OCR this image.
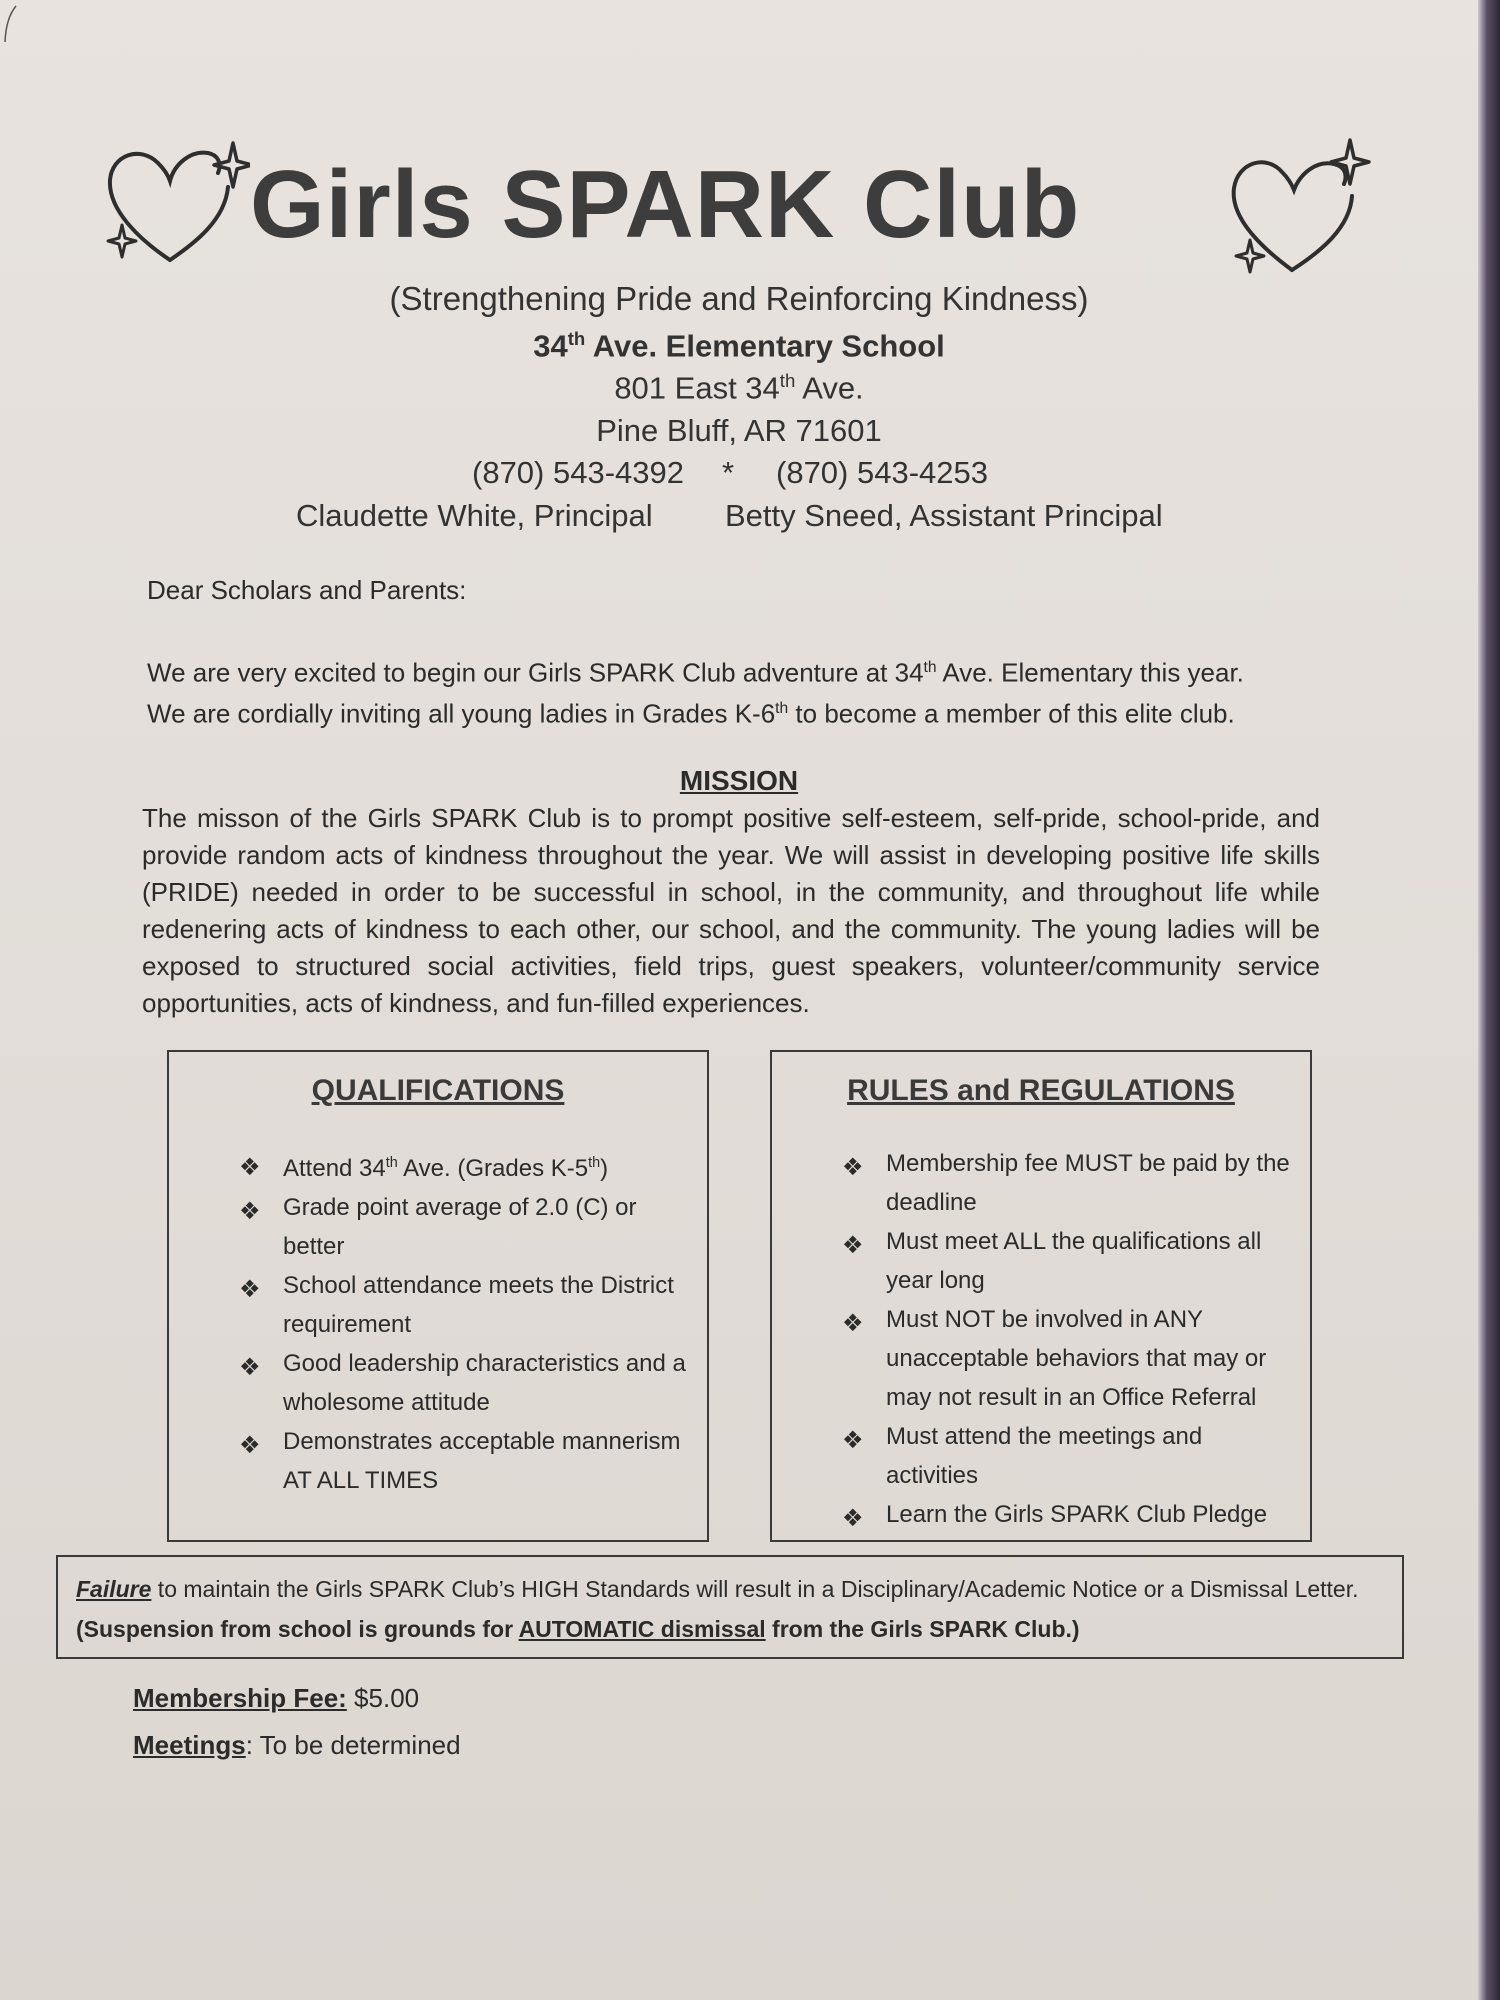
Girls SPARK Club
(Strengthening Pride and Reinforcing Kindness)
34th Ave. Elementary School
801 East 34th Ave.
Pine Bluff, AR 71601
(870) 543-4392 * (870) 543-4253
Claudette White, Principal Betty Sneed, Assistant Principal
Dear Scholars and Parents:
We are very excited to begin our Girls SPARK Club adventure at 34th Ave. Elementary this year.
We are cordially inviting all young ladies in Grades K-6th to become a member of this elite club.
MISSION
The misson of the Girls SPARK Club is to prompt positive self-esteem, self-pride, school-pride, and provide random acts of kindness throughout the year. We will assist in developing positive life skills (PRIDE) needed in order to be successful in school, in the community, and throughout life while redenering acts of kindness to each other, our school, and the community. The young ladies will be exposed to structured social activities, field trips, guest speakers, volunteer/community service opportunities, acts of kindness, and fun-filled experiences.
QUALIFICATIONS
❖ Attend 34th Ave. (Grades K-5th)
❖ Grade point average of 2.0 (C) or better
❖ School attendance meets the District requirement
❖ Good leadership characteristics and a wholesome attitude
❖ Demonstrates acceptable mannerism AT ALL TIMES
RULES and REGULATIONS
❖ Membership fee MUST be paid by the deadline
❖ Must meet ALL the qualifications all year long
❖ Must NOT be involved in ANY unacceptable behaviors that may or may not result in an Office Referral
❖ Must attend the meetings and activities
❖ Learn the Girls SPARK Club Pledge
Failure to maintain the Girls SPARK Club’s HIGH Standards will result in a Disciplinary/Academic Notice or a Dismissal Letter. (Suspension from school is grounds for AUTOMATIC dismissal from the Girls SPARK Club.)
Membership Fee: $5.00
Meetings: To be determined
